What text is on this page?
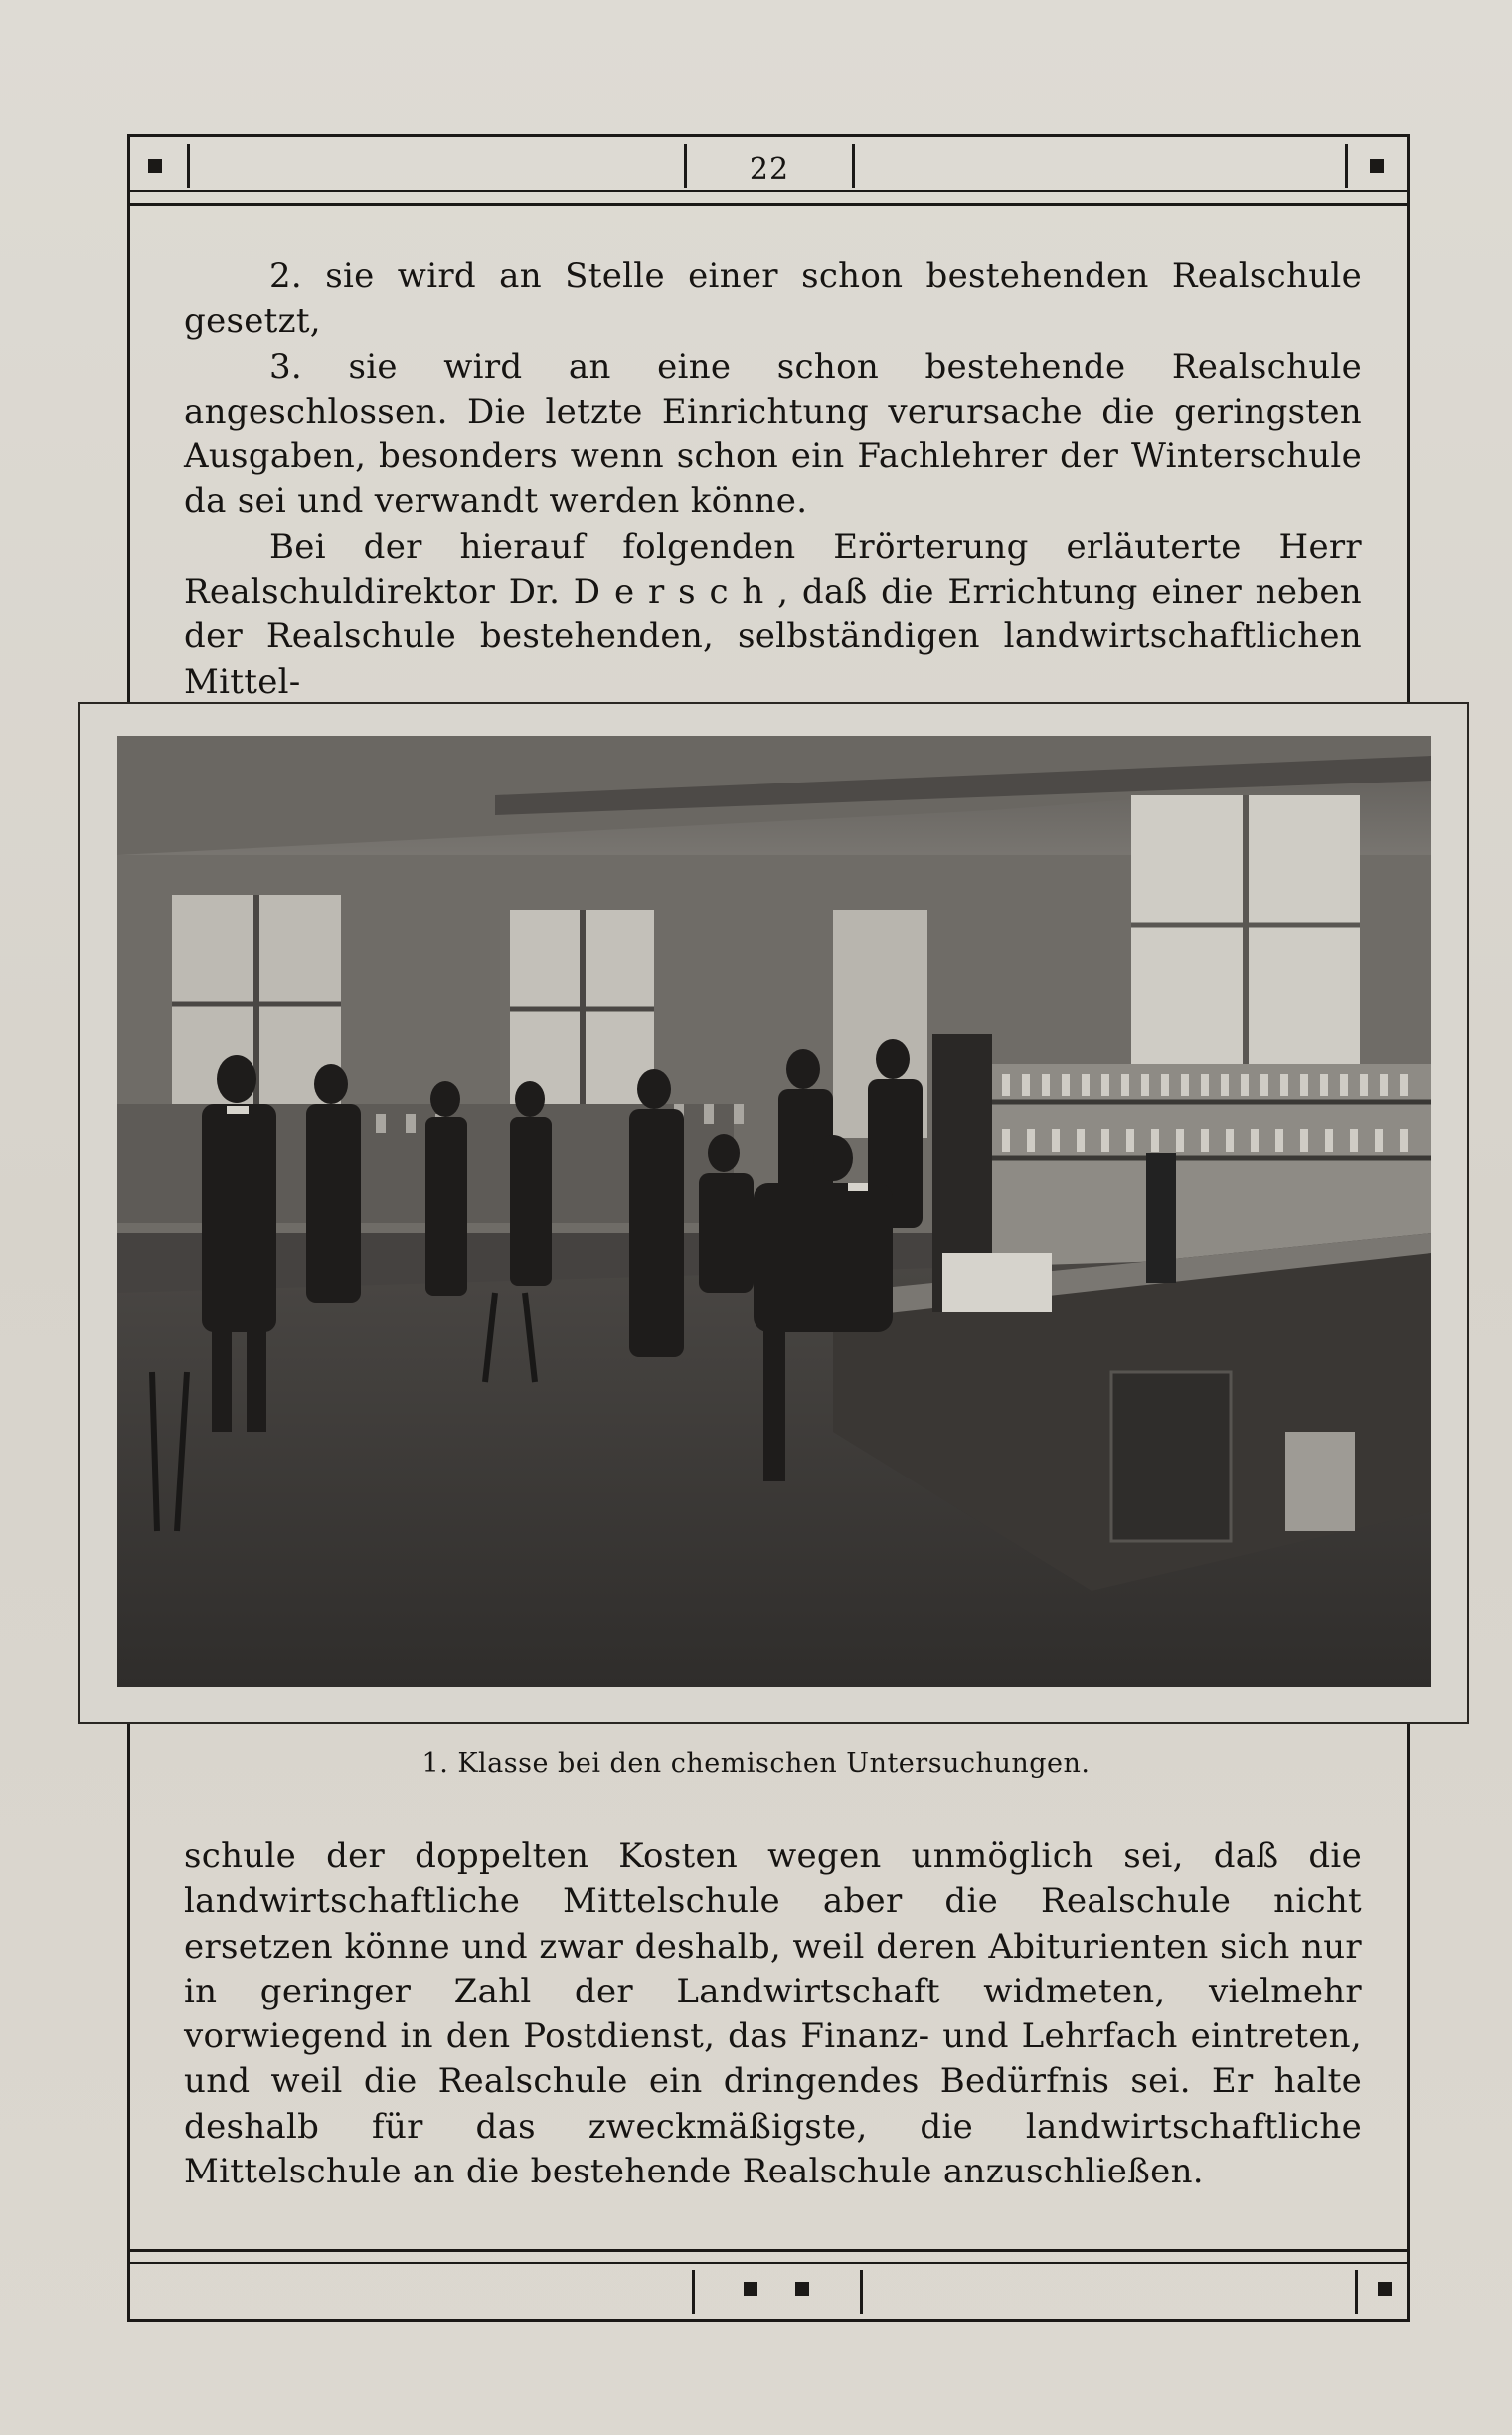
22

2. sie wird an Stelle einer schon bestehenden Realschule gesetzt,

3. sie wird an eine schon bestehende Realschule angeschlossen. Die letzte Einrichtung verursache die geringsten Ausgaben, besonders wenn schon ein Fachlehrer der Winterschule da sei und verwandt werden könne.

Bei der hierauf folgenden Erörterung erläuterte Herr Realschuldirektor Dr. D e r s c h , daß die Errichtung einer neben der Realschule bestehenden, selbständigen landwirtschaftlichen Mittel-

1. Klasse bei den chemischen Untersuchungen.

schule der doppelten Kosten wegen unmöglich sei, daß die landwirtschaftliche Mittelschule aber die Realschule nicht ersetzen könne und zwar deshalb, weil deren Abiturienten sich nur in geringer Zahl der Landwirtschaft widmeten, vielmehr vorwiegend in den Postdienst, das Finanz- und Lehrfach eintreten, und weil die Realschule ein dringendes Bedürfnis sei. Er halte deshalb für das zweckmäßigste, die landwirtschaftliche Mittelschule an die bestehende Realschule anzuschließen.
